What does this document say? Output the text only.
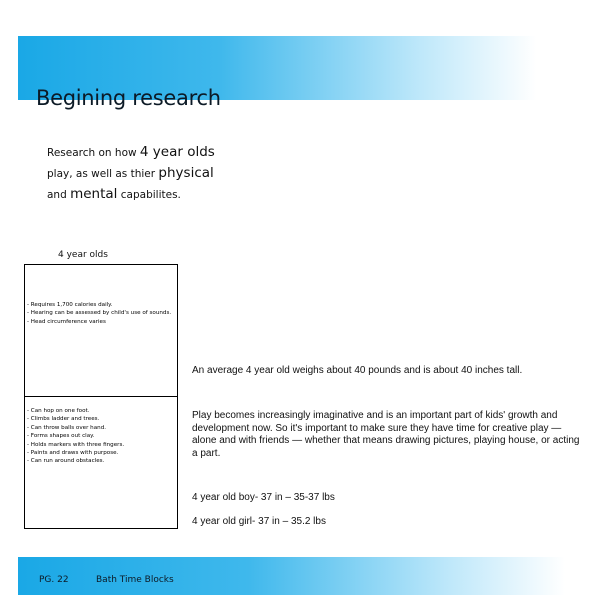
Begining research
Research on how 4 year olds
play, as well as thier physical
and mental capabilites.
4 year olds
- Requires 1,700 calories daily.
- Hearing can be assessed by child's use of sounds.
- Head circumference varies
- Can hop on one foot.
- Climbs ladder and trees.
- Can throw balls over hand.
- Forms shapes out clay.
- Holds markers with three fingers.
- Paints and draws with purpose.
- Can run around obstacles.
An average 4 year old weighs about 40 pounds and is about 40 inches tall.
Play becomes increasingly imaginative and is an important part of kids' growth and development now. So it's important to make sure they have time for creative play — alone and with friends — whether that means drawing pictures, playing house, or acting a part.
4 year old boy- 37 in – 35-37 lbs
4 year old girl- 37 in – 35.2 lbs
PG. 22	Bath Time Blocks
